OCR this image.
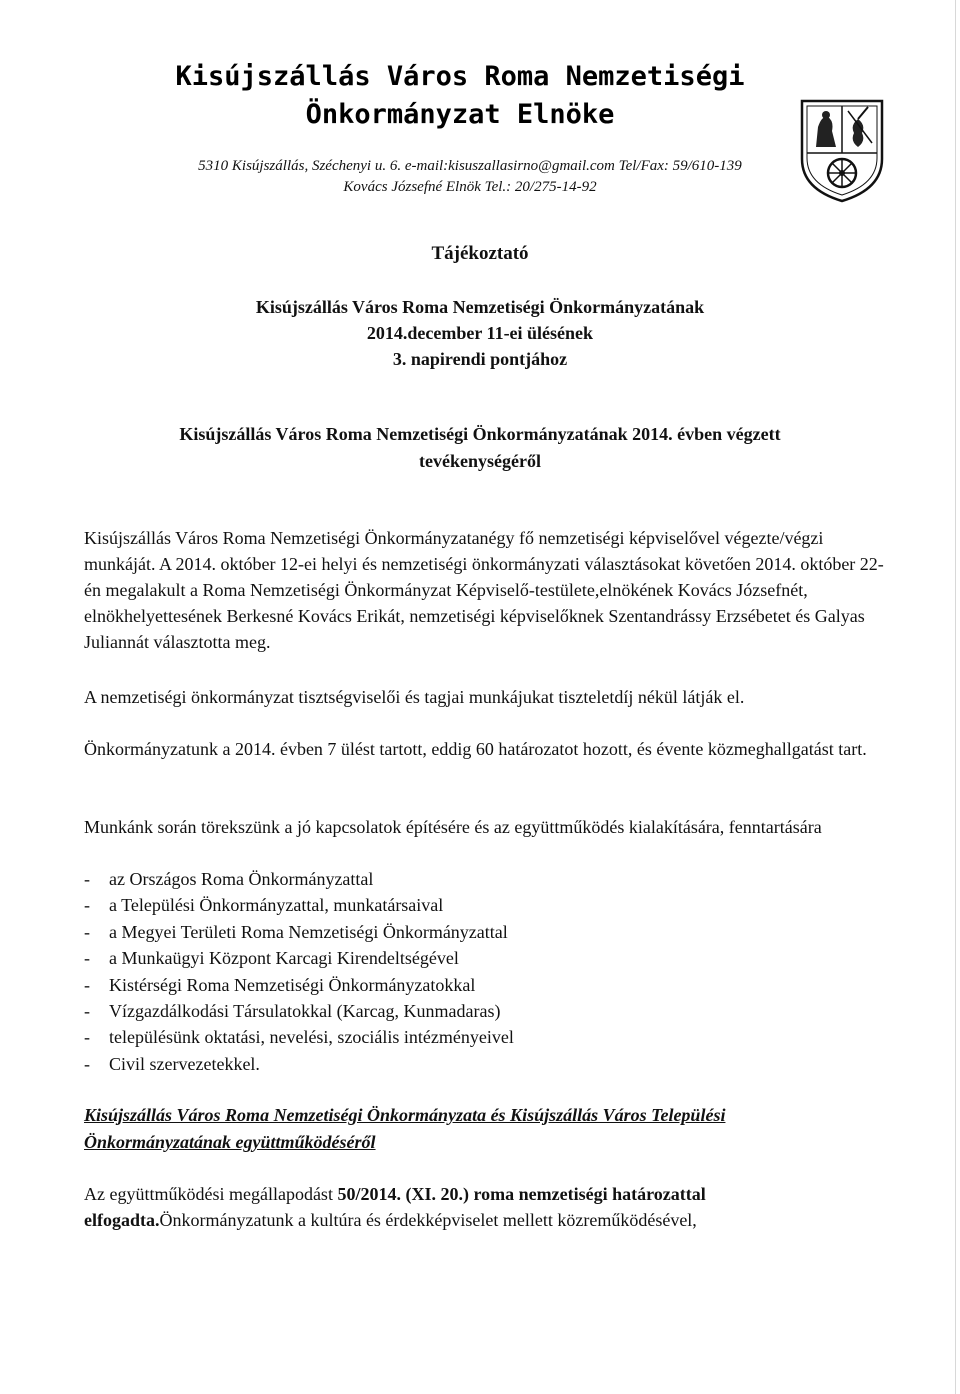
Kisújszállás Város Roma Nemzetiségi
Önkormányzat Elnöke
5310 Kisújszállás, Széchenyi u. 6. e-mail:kisuszallasirno@gmail.com Tel/Fax: 59/610-139
Kovács Józsefné Elnök Tel.: 20/275-14-92
Tájékoztató
Kisújszállás Város Roma Nemzetiségi Önkormányzatának
2014.december 11-ei ülésének
3. napirendi pontjához
Kisújszállás Város Roma Nemzetiségi Önkormányzatának 2014. évben végzett
tevékenységéről
Kisújszállás Város Roma Nemzetiségi Önkormányzatanégy fő nemzetiségi képviselővel végezte/végzi munkáját. A 2014. október 12-ei helyi és nemzetiségi önkormányzati választásokat követően 2014. október 22-én megalakult a Roma Nemzetiségi Önkormányzat Képviselő-testülete,elnökének Kovács Józsefnét, elnökhelyettesének Berkesné Kovács Erikát, nemzetiségi képviselőknek Szentandrássy Erzsébetet és Galyas Juliannát választotta meg.
A nemzetiségi önkormányzat tisztségviselői és tagjai munkájukat tiszteletdíj nékül látják el.
Önkormányzatunk a 2014. évben 7 ülést tartott, eddig 60 határozatot hozott, és évente közmeghallgatást tart.
Munkánk során törekszünk a jó kapcsolatok építésére és az együttműködés kialakítására, fenntartására
-	az Országos Roma Önkormányzattal
-	a Települési Önkormányzattal, munkatársaival
-	a Megyei Területi Roma Nemzetiségi Önkormányzattal
-	a Munkaügyi Központ Karcagi Kirendeltségével
-	Kistérségi Roma Nemzetiségi Önkormányzatokkal
-	Vízgazdálkodási Társulatokkal (Karcag, Kunmadaras)
-	településünk oktatási, nevelési, szociális intézményeivel
-	Civil szervezetekkel.
Kisújszállás Város Roma Nemzetiségi Önkormányzata és Kisújszállás Város Települési
Önkormányzatának együttműködéséről
Az együttműködési megállapodást 50/2014. (XI. 20.) roma nemzetiségi határozattal elfogadta.Önkormányzatunk a kultúra és érdekképviselet mellett közreműködésével,
